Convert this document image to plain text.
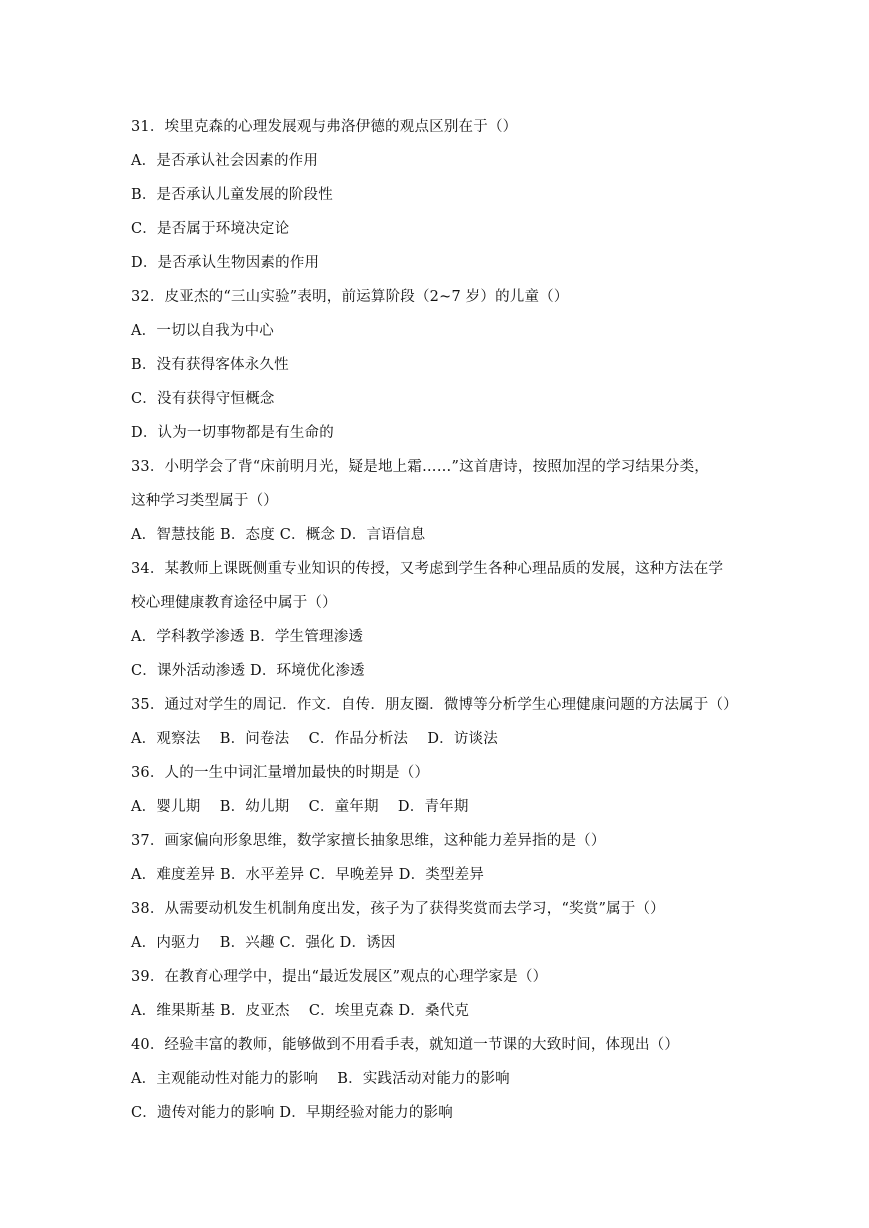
31．埃里克森的心理发展观与弗洛伊德的观点区别在于（）
A．是否承认社会因素的作用
B．是否承认儿童发展的阶段性
C．是否属于环境决定论
D．是否承认生物因素的作用
32．皮亚杰的“三山实验”表明，前运算阶段（2~7 岁）的儿童（）
A．一切以自我为中心
B．没有获得客体永久性
C．没有获得守恒概念
D．认为一切事物都是有生命的
33．小明学会了背“床前明月光，疑是地上霜……”这首唐诗，按照加涅的学习结果分类，
这种学习类型属于（）
A．智慧技能 B．态度 C．概念 D．言语信息
34．某教师上课既侧重专业知识的传授，又考虑到学生各种心理品质的发展，这种方法在学
校心理健康教育途径中属于（）
A．学科教学渗透 B．学生管理渗透
C．课外活动渗透 D．环境优化渗透
35．通过对学生的周记．作文．自传．朋友圈．微博等分析学生心理健康问题的方法属于（）
A．观察法    B．问卷法    C．作品分析法    D．访谈法
36．人的一生中词汇量增加最快的时期是（）
A．婴儿期    B．幼儿期    C．童年期    D．青年期
37．画家偏向形象思维，数学家擅长抽象思维，这种能力差异指的是（）
A．难度差异 B．水平差异 C．早晚差异 D．类型差异
38．从需要动机发生机制角度出发，孩子为了获得奖赏而去学习，“奖赏”属于（）
A．内驱力    B．兴趣 C．强化 D．诱因
39．在教育心理学中，提出“最近发展区”观点的心理学家是（）
A．维果斯基 B．皮亚杰    C．埃里克森 D．桑代克
40．经验丰富的教师，能够做到不用看手表，就知道一节课的大致时间，体现出（）
A．主观能动性对能力的影响    B．实践活动对能力的影响
C．遗传对能力的影响 D．早期经验对能力的影响
